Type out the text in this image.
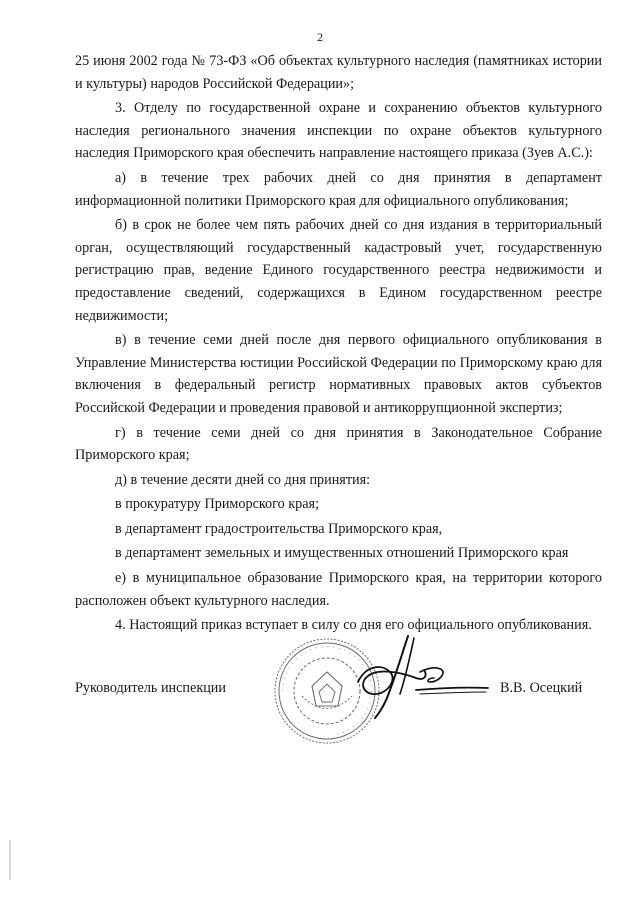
2

25 июня 2002 года № 73-ФЗ «Об объектах культурного наследия (памятниках истории и культуры) народов Российской Федерации»;

3. Отделу по государственной охране и сохранению объектов культурного наследия регионального значения инспекции по охране объектов культурного наследия Приморского края обеспечить направление настоящего приказа (Зуев А.С.):

а) в течение трех рабочих дней со дня принятия в департамент информационной политики Приморского края для официального опубликования;

б) в срок не более чем пять рабочих дней со дня издания в территориальный орган, осуществляющий государственный кадастровый учет, государственную регистрацию прав, ведение Единого государственного реестра недвижимости и предоставление сведений, содержащихся в Едином государственном реестре недвижимости;

в) в течение семи дней после дня первого официального опубликования в Управление Министерства юстиции Российской Федерации по Приморскому краю для включения в федеральный регистр нормативных правовых актов субъектов Российской Федерации и проведения правовой и антикоррупционной экспертиз;

г) в течение семи дней со дня принятия в Законодательное Собрание Приморского края;

д) в течение десяти дней со дня принятия:

в прокуратуру Приморского края;

в департамент градостроительства Приморского края,

в департамент земельных и имущественных отношений Приморского края

е) в муниципальное образование Приморского края, на территории которого расположен объект культурного наследия.

4. Настоящий приказ вступает в силу со дня его официального опубликования.

· · · · · · · · · · · · · · · · · · · · · · · · · · · · · · · · · · ·
Руководитель инспекции	В.В. Осецкий
